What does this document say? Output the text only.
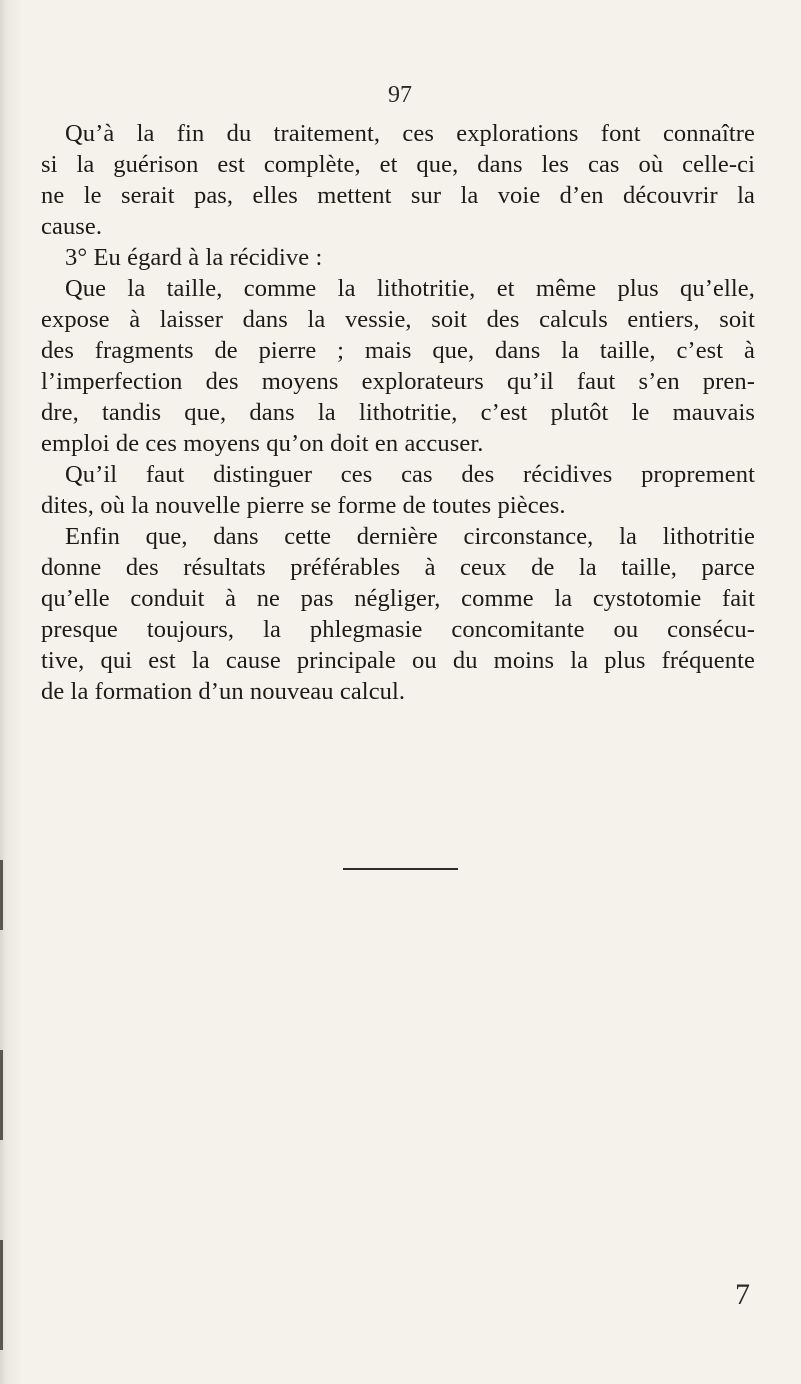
97
Qu’à la fin du traitement, ces explorations font connaître
si la guérison est complète, et que, dans les cas où celle-ci
ne le serait pas, elles mettent sur la voie d’en découvrir la
cause.
3° Eu égard à la récidive :
Que la taille, comme la lithotritie, et même plus qu’elle,
expose à laisser dans la vessie, soit des calculs entiers, soit
des fragments de pierre ; mais que, dans la taille, c’est à
l’imperfection des moyens explorateurs qu’il faut s’en pren-
dre, tandis que, dans la lithotritie, c’est plutôt le mauvais
emploi de ces moyens qu’on doit en accuser.
Qu’il faut distinguer ces cas des récidives proprement
dites, où la nouvelle pierre se forme de toutes pièces.
Enfin que, dans cette dernière circonstance, la lithotritie
donne des résultats préférables à ceux de la taille, parce
qu’elle conduit à ne pas négliger, comme la cystotomie fait
presque toujours, la phlegmasie concomitante ou consécu-
tive, qui est la cause principale ou du moins la plus fréquente
de la formation d’un nouveau calcul.
7
